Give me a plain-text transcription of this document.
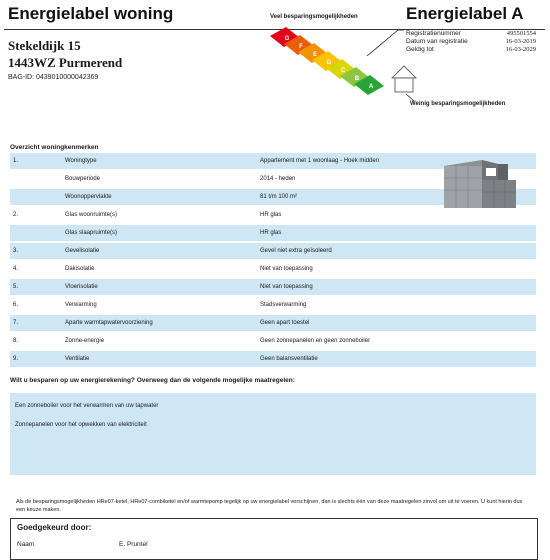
Energielabel woning
Stekeldijk 15
1443WZ Purmerend
BAG-ID: 0439010000042369
Energielabel A
Registratienummer	495501554
Datum van registratie	16-03-2019
Geldig tot	16-03-2029
Veel besparingsmogelijkheden
Weinig besparingsmogelijkheden
G
F
E
D
C
B
A
Overzicht woningkenmerken
1.	Woningtype	Appartement met 1 woonlaag - Hoek midden
Bouwperiode	2014 - heden
Woonoppervlakte	81 t/m 100 m²
2.	Glas woonruimte(s)	HR glas
Glas slaapruimte(s)	HR glas
3.	Gevelisolatie	Gevel niet extra geïsoleerd
4.	Dakisolatie	Niet van toepassing
5.	Vloerisolatie	Niet van toepassing
6.	Verwarming	Stadsverwarming
7.	Aparte warmtapwatervoorziening	Geen apart toestel
8.	Zonne-energie	Geen zonnepanelen en geen zonneboiler
9.	Ventilatie	Geen balansventilatie
Wilt u besparen op uw energierekening? Overweeg dan de volgende mogelijke maatregelen:
Een zonneboiler voor het verwarmen van uw tapwater
Zonnepanelen voor het opwekken van elektriciteit
Als de besparingsmogelijkheden HRe07-ketel, HRe07-combiketel en/of warmtepomp tegelijk op uw energielabel verschijnen, dan is slechts één van deze maatregelen zinvol om uit te voeren. U kunt hierin dus een keuze maken.
Goedgekeurd door:
Naam	E. Pruntel
